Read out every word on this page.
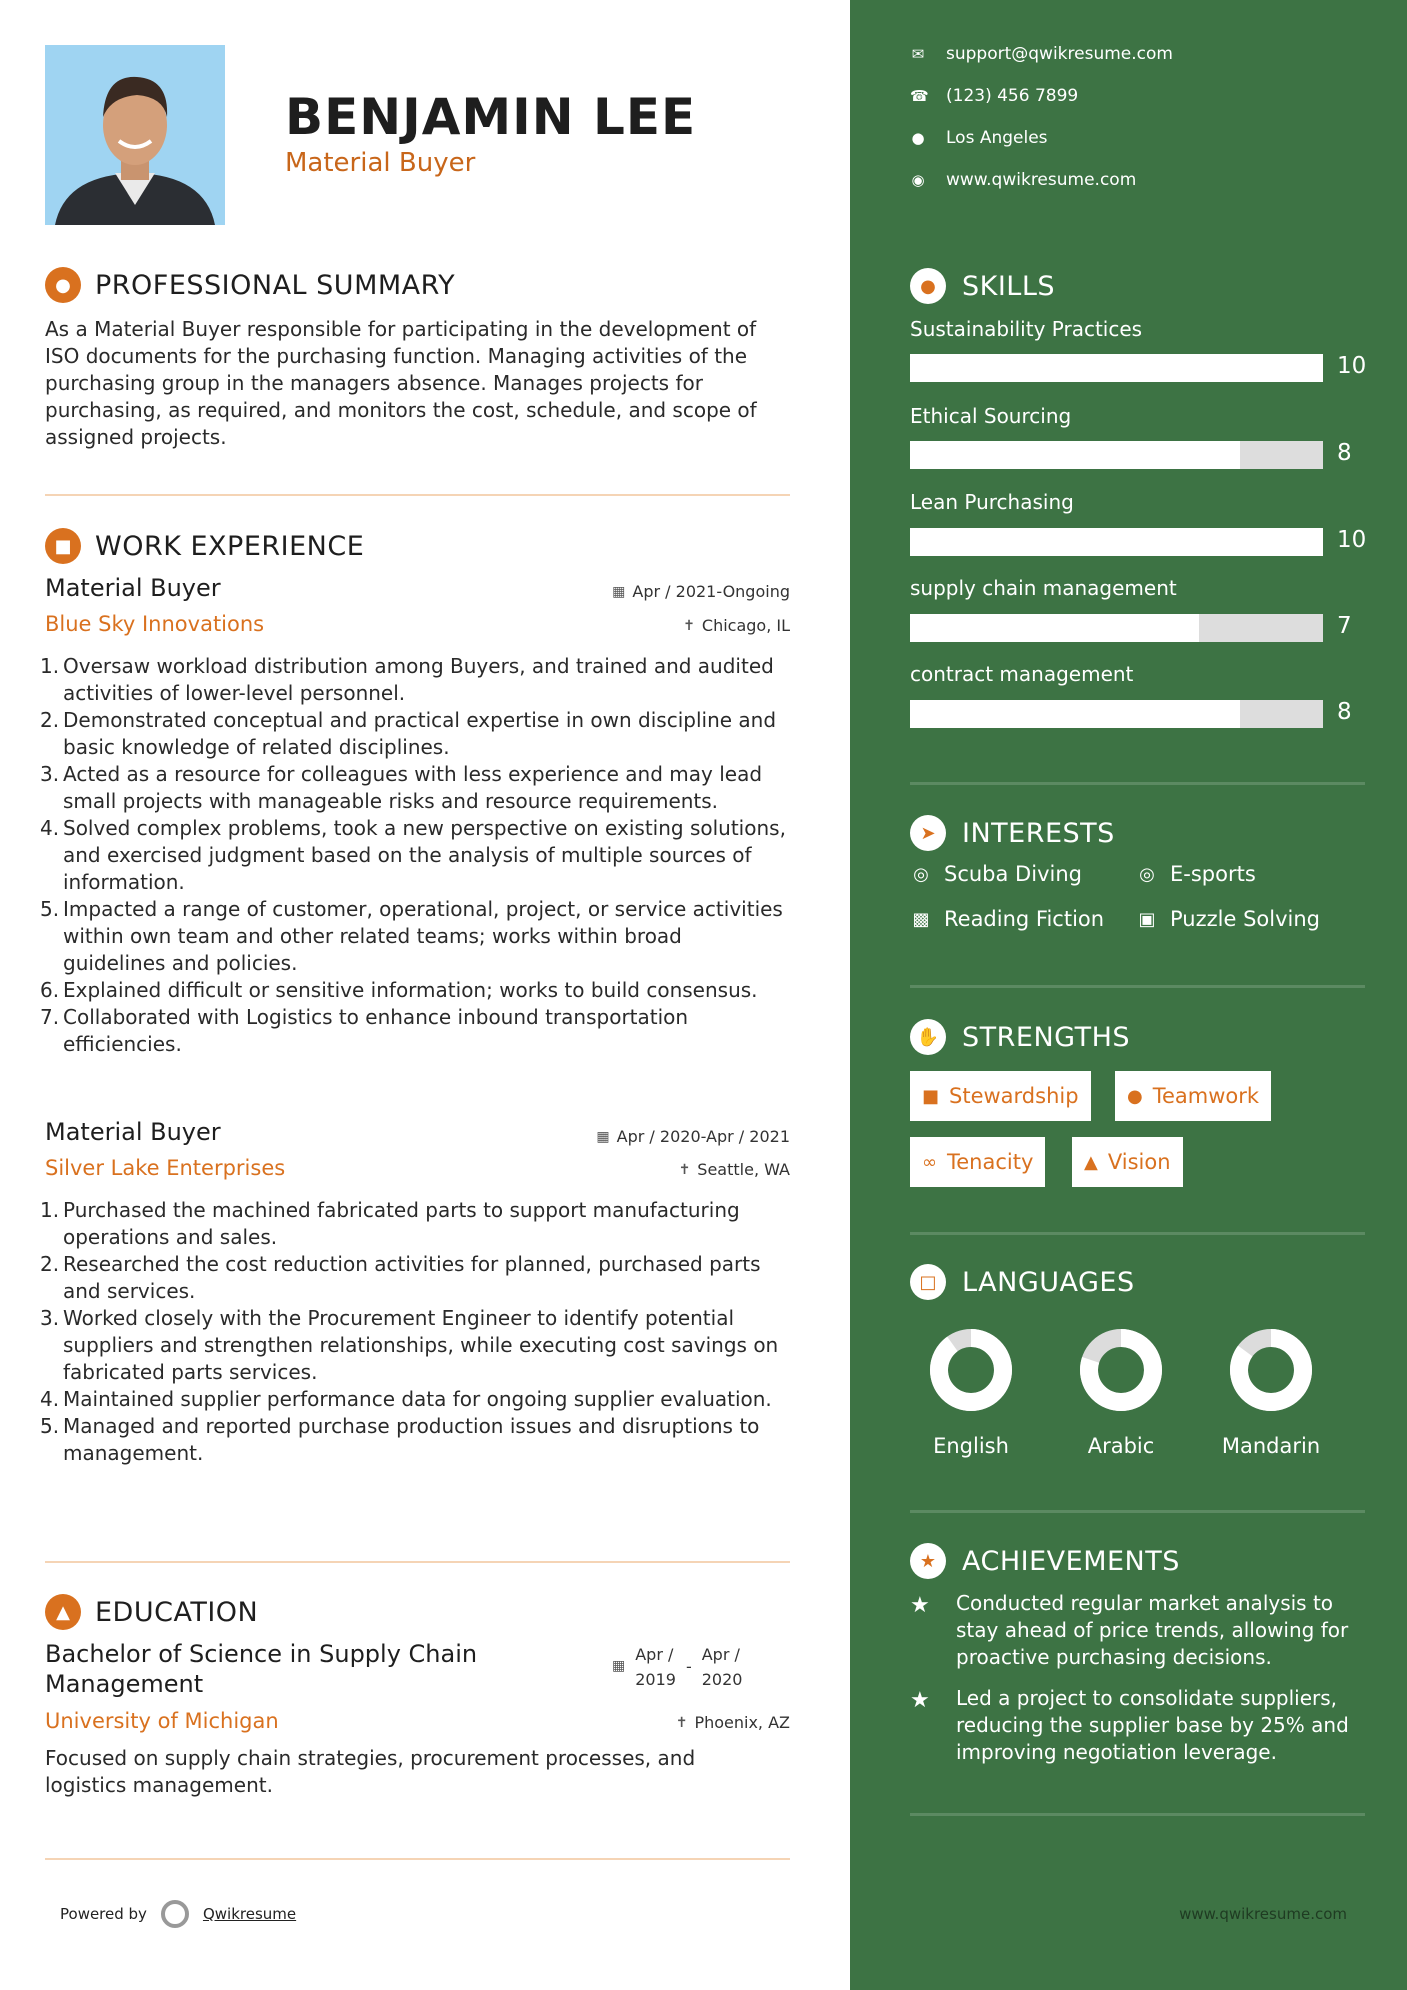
BENJAMIN LEE
Material Buyer
● PROFESSIONAL SUMMARY
As a Material Buyer responsible for participating in the development of ISO documents for the purchasing function. Managing activities of the purchasing group in the managers absence. Manages projects for purchasing, as required, and monitors the cost, schedule, and scope of assigned projects.
■ WORK EXPERIENCE
Material Buyer	▦ Apr / 2021-Ongoing
Blue Sky Innovations	✝ Chicago, IL
1. Oversaw workload distribution among Buyers, and trained and audited activities of lower-level personnel.
2. Demonstrated conceptual and practical expertise in own discipline and basic knowledge of related disciplines.
3. Acted as a resource for colleagues with less experience and may lead small projects with manageable risks and resource requirements.
4. Solved complex problems, took a new perspective on existing solutions, and exercised judgment based on the analysis of multiple sources of information.
5. Impacted a range of customer, operational, project, or service activities within own team and other related teams; works within broad guidelines and policies.
6. Explained difficult or sensitive information; works to build consensus.
7. Collaborated with Logistics to enhance inbound transportation efficiencies.
Material Buyer	▦ Apr / 2020-Apr / 2021
Silver Lake Enterprises	✝ Seattle, WA
1. Purchased the machined fabricated parts to support manufacturing operations and sales.
2. Researched the cost reduction activities for planned, purchased parts and services.
3. Worked closely with the Procurement Engineer to identify potential suppliers and strengthen relationships, while executing cost savings on fabricated parts services.
4. Maintained supplier performance data for ongoing supplier evaluation.
5. Managed and reported purchase production issues and disruptions to management.
▲ EDUCATION
Bachelor of Science in Supply Chain
Management
▦
Apr /
2019
-
Apr /
2020
University of Michigan	✝ Phoenix, AZ
Focused on supply chain strategies, procurement processes, and logistics management.
Powered by	Qwikresume
✉ support@qwikresume.com
☎ (123) 456 7899
● Los Angeles
◉ www.qwikresume.com
● SKILLS
Sustainability Practices
10
Ethical Sourcing
8
Lean Purchasing
10
supply chain management
7
contract management
8
➤ INTERESTS
◎ Scuba Diving	◎ E-sports
▩ Reading Fiction ▣ Puzzle Solving
✋ STRENGTHS
■ Stewardship	● Teamwork
∞ Tenacity	▲ Vision
□ LANGUAGES
English	Arabic	Mandarin
★ ACHIEVEMENTS
★	Conducted regular market analysis to stay ahead of price trends, allowing for proactive purchasing decisions.
★	Led a project to consolidate suppliers, reducing the supplier base by 25% and improving negotiation leverage.
www.qwikresume.com
